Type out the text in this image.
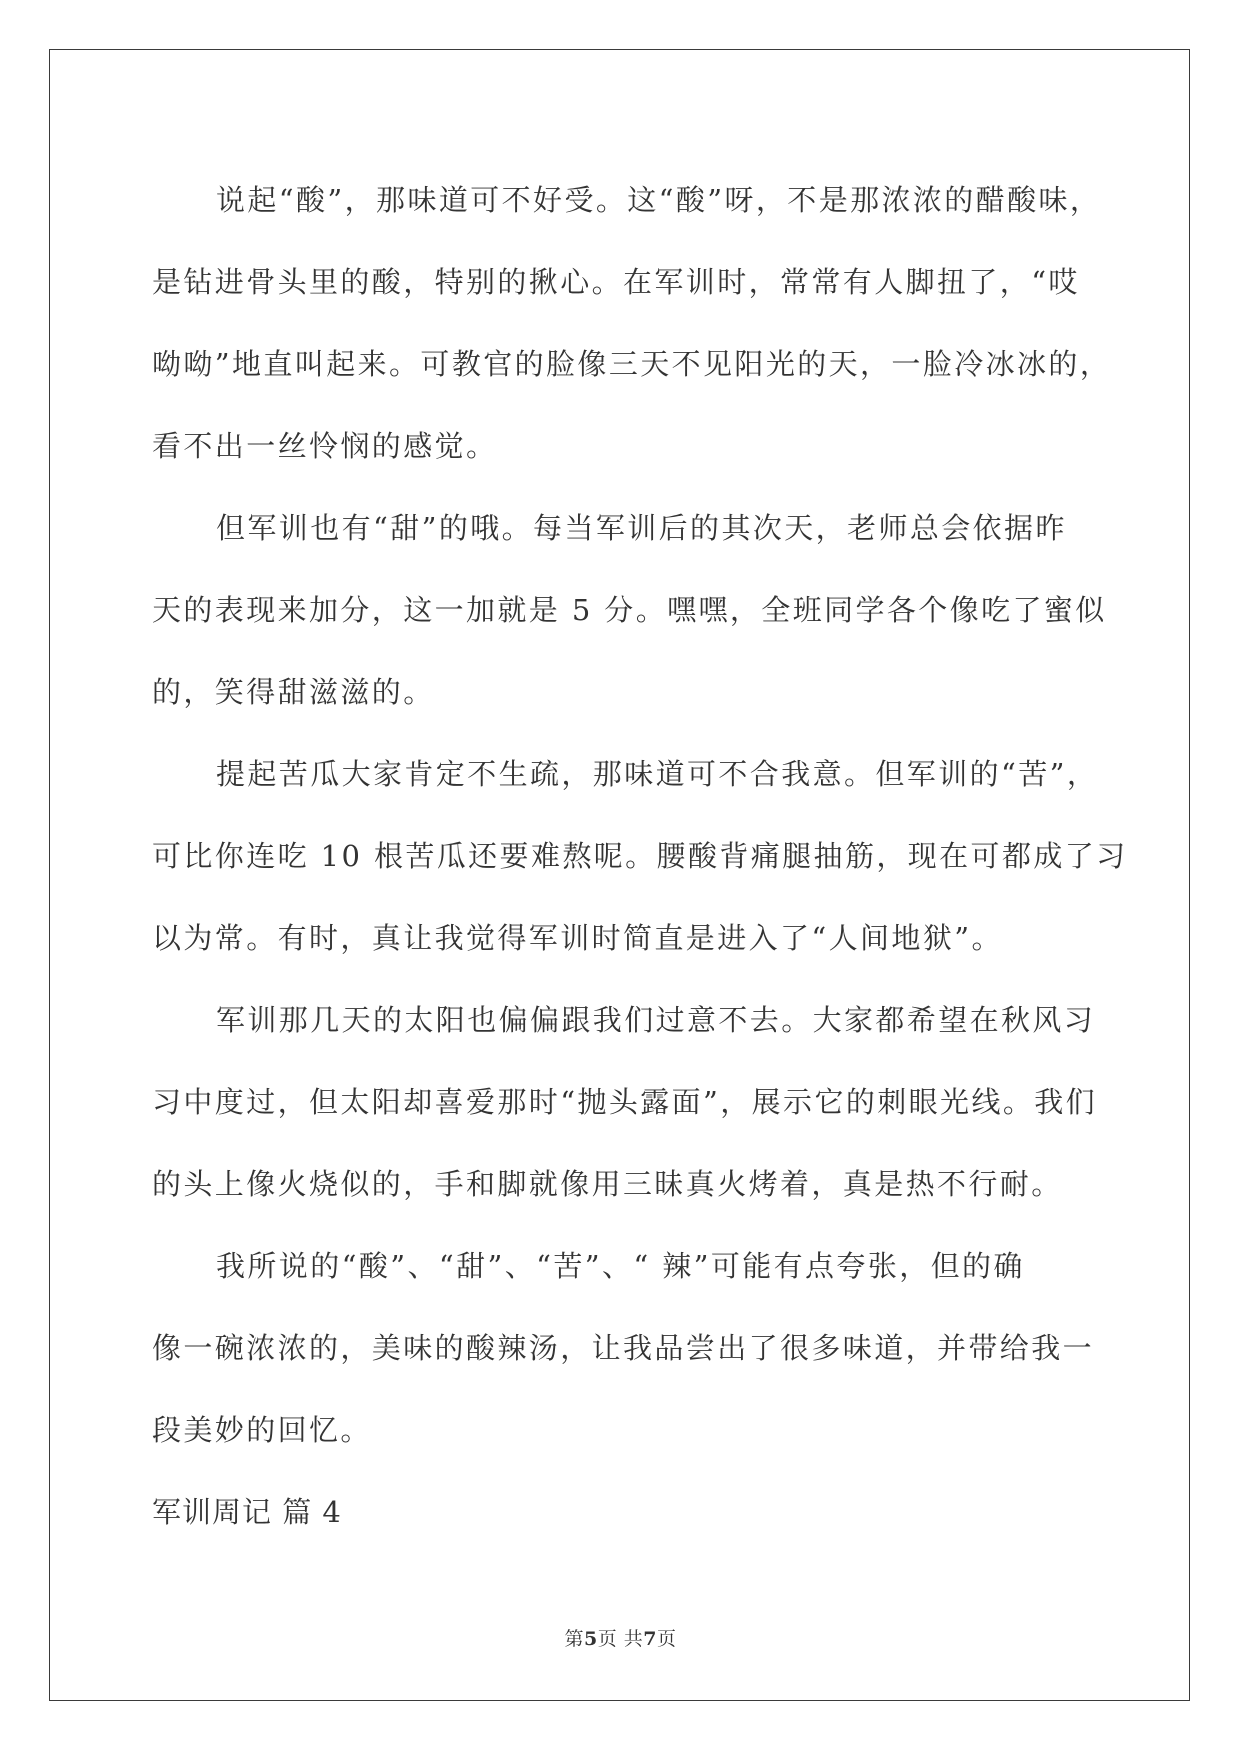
说起“酸”，那味道可不好受。这“酸”呀，不是那浓浓的醋酸味，

是钻进骨头里的酸，特别的揪心。在军训时，常常有人脚扭了，“哎

呦呦”地直叫起来。可教官的脸像三天不见阳光的天，一脸冷冰冰的，

看不出一丝怜悯的感觉。

但军训也有“甜”的哦。每当军训后的其次天，老师总会依据昨

天的表现来加分，这一加就是 5 分。嘿嘿，全班同学各个像吃了蜜似

的，笑得甜滋滋的。

提起苦瓜大家肯定不生疏，那味道可不合我意。但军训的“苦”，

可比你连吃 10 根苦瓜还要难熬呢。腰酸背痛腿抽筋，现在可都成了习

以为常。有时，真让我觉得军训时简直是进入了“人间地狱”。

军训那几天的太阳也偏偏跟我们过意不去。大家都希望在秋风习

习中度过，但太阳却喜爱那时“抛头露面”，展示它的刺眼光线。我们

的头上像火烧似的，手和脚就像用三昧真火烤着，真是热不行耐。

我所说的“酸”、“甜”、“苦”、“ 辣”可能有点夸张，但的确

像一碗浓浓的，美味的酸辣汤，让我品尝出了很多味道，并带给我一

段美妙的回忆。

军训周记 篇 4

第5页 共7页
